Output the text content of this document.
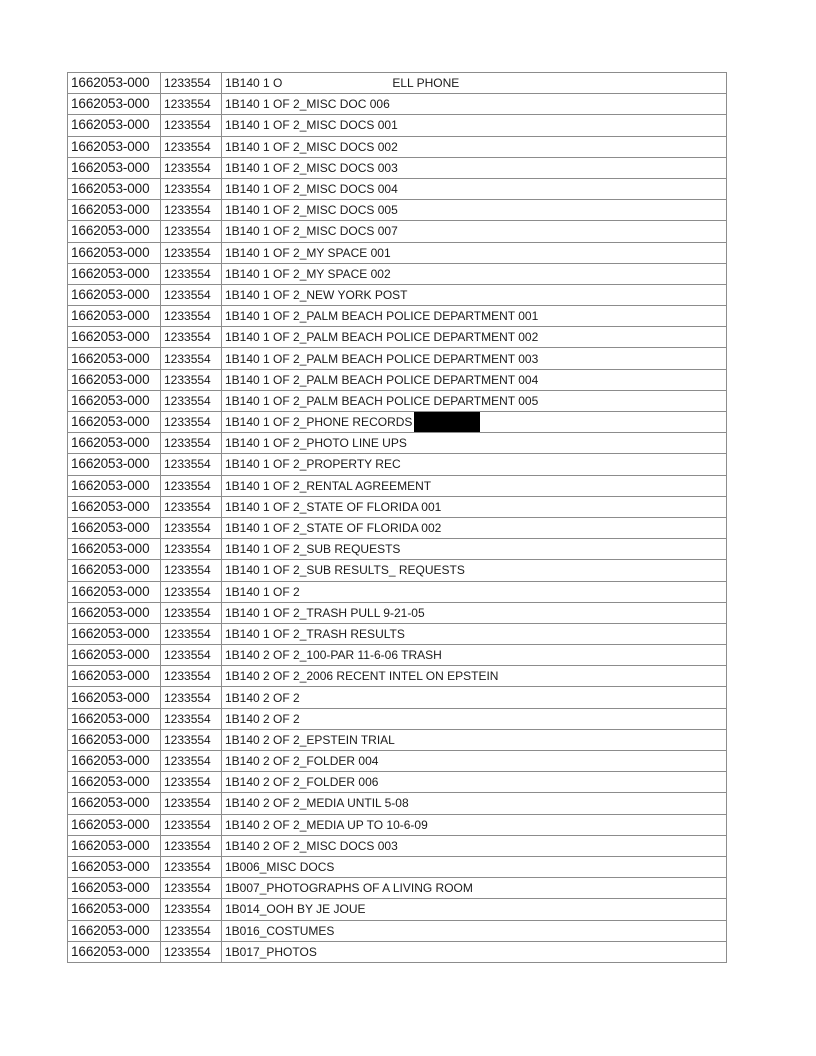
1662053-000	1233554	1B140 1 O ELL PHONE
1662053-000	1233554	1B140 1 OF 2_MISC DOC 006
1662053-000	1233554	1B140 1 OF 2_MISC DOCS 001
1662053-000	1233554	1B140 1 OF 2_MISC DOCS 002
1662053-000	1233554	1B140 1 OF 2_MISC DOCS 003
1662053-000	1233554	1B140 1 OF 2_MISC DOCS 004
1662053-000	1233554	1B140 1 OF 2_MISC DOCS 005
1662053-000	1233554	1B140 1 OF 2_MISC DOCS 007
1662053-000	1233554	1B140 1 OF 2_MY SPACE 001
1662053-000	1233554	1B140 1 OF 2_MY SPACE 002
1662053-000	1233554	1B140 1 OF 2_NEW YORK POST
1662053-000	1233554	1B140 1 OF 2_PALM BEACH POLICE DEPARTMENT 001
1662053-000	1233554	1B140 1 OF 2_PALM BEACH POLICE DEPARTMENT 002
1662053-000	1233554	1B140 1 OF 2_PALM BEACH POLICE DEPARTMENT 003
1662053-000	1233554	1B140 1 OF 2_PALM BEACH POLICE DEPARTMENT 004
1662053-000	1233554	1B140 1 OF 2_PALM BEACH POLICE DEPARTMENT 005
1662053-000	1233554	1B140 1 OF 2_PHONE RECORDS
1662053-000	1233554	1B140 1 OF 2_PHOTO LINE UPS
1662053-000	1233554	1B140 1 OF 2_PROPERTY REC
1662053-000	1233554	1B140 1 OF 2_RENTAL AGREEMENT
1662053-000	1233554	1B140 1 OF 2_STATE OF FLORIDA 001
1662053-000	1233554	1B140 1 OF 2_STATE OF FLORIDA 002
1662053-000	1233554	1B140 1 OF 2_SUB REQUESTS
1662053-000	1233554	1B140 1 OF 2_SUB RESULTS_ REQUESTS
1662053-000	1233554	1B140 1 OF 2
1662053-000	1233554	1B140 1 OF 2_TRASH PULL 9-21-05
1662053-000	1233554	1B140 1 OF 2_TRASH RESULTS
1662053-000	1233554	1B140 2 OF 2_100-PAR 11-6-06 TRASH
1662053-000	1233554	1B140 2 OF 2_2006 RECENT INTEL ON EPSTEIN
1662053-000	1233554	1B140 2 OF 2
1662053-000	1233554	1B140 2 OF 2
1662053-000	1233554	1B140 2 OF 2_EPSTEIN TRIAL
1662053-000	1233554	1B140 2 OF 2_FOLDER 004
1662053-000	1233554	1B140 2 OF 2_FOLDER 006
1662053-000	1233554	1B140 2 OF 2_MEDIA UNTIL 5-08
1662053-000	1233554	1B140 2 OF 2_MEDIA UP TO 10-6-09
1662053-000	1233554	1B140 2 OF 2_MISC DOCS 003
1662053-000	1233554	1B006_MISC DOCS
1662053-000	1233554	1B007_PHOTOGRAPHS OF A LIVING ROOM
1662053-000	1233554	1B014_OOH BY JE JOUE
1662053-000	1233554	1B016_COSTUMES
1662053-000	1233554	1B017_PHOTOS
